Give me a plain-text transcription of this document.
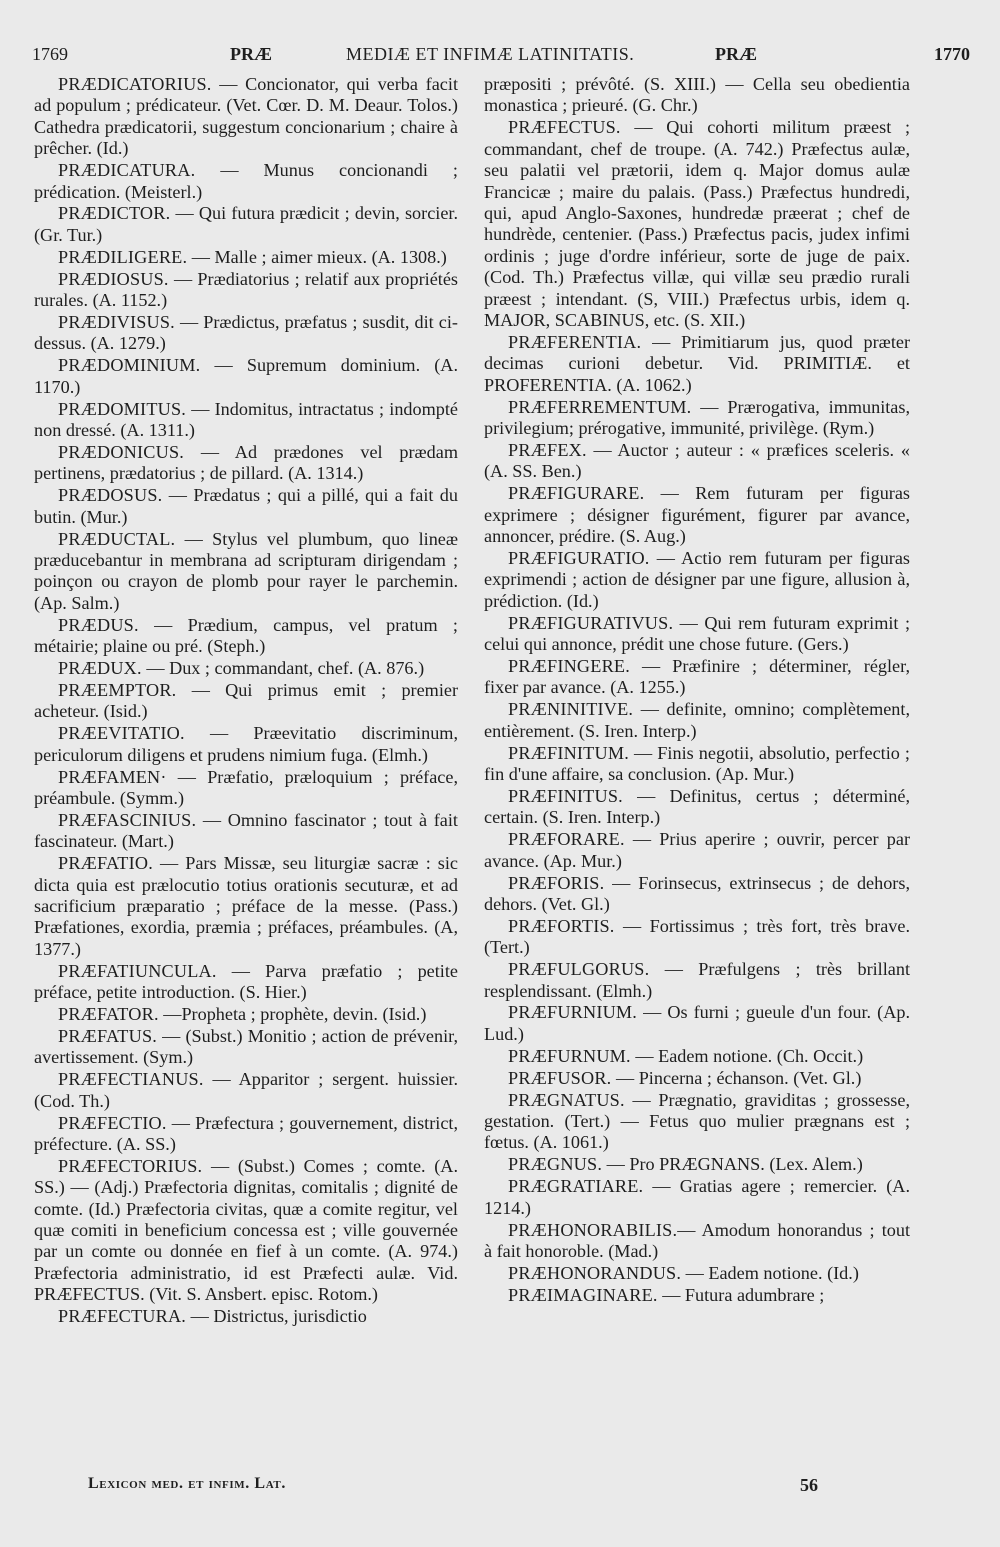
1769	PRÆ	MEDIÆ ET INFIMÆ LATINITATIS.	PRÆ	1770

PRÆDICATORIUS. — Concionator, qui verba facit ad populum ; prédicateur. (Vet. Cœr. D. M. Deaur. Tolos.) Cathedra prædicatorii, suggestum concionarium ; chaire à prêcher. (Id.)

PRÆDICATURA. — Munus concionandi ; prédication. (Meisterl.)

PRÆDICTOR. — Qui futura prædicit ; devin, sorcier. (Gr. Tur.)

PRÆDILIGERE. — Malle ; aimer mieux. (A. 1308.)

PRÆDIOSUS. — Prædiatorius ; relatif aux propriétés rurales. (A. 1152.)

PRÆDIVISUS. — Prædictus, præfatus ; susdit, dit ci-dessus. (A. 1279.)

PRÆDOMINIUM. — Supremum dominium. (A. 1170.)

PRÆDOMITUS. — Indomitus, intractatus ; indompté non dressé. (A. 1311.)

PRÆDONICUS. — Ad prædones vel prædam pertinens, prædatorius ; de pillard. (A. 1314.)

PRÆDOSUS. — Prædatus ; qui a pillé, qui a fait du butin. (Mur.)

PRÆDUCTAL. — Stylus vel plumbum, quo lineæ præducebantur in membrana ad scripturam dirigendam ; poinçon ou crayon de plomb pour rayer le parchemin. (Ap. Salm.)

PRÆDUS. — Prædium, campus, vel pratum ; métairie; plaine ou pré. (Steph.)

PRÆDUX. — Dux ; commandant, chef. (A. 876.)

PRÆEMPTOR. — Qui primus emit ; premier acheteur. (Isid.)

PRÆEVITATIO. — Præevitatio discriminum, periculorum diligens et prudens nimium fuga. (Elmh.)

PRÆFAMEN· — Præfatio, præloquium ; préface, préambule. (Symm.)

PRÆFASCINIUS. — Omnino fascinator ; tout à fait fascinateur. (Mart.)

PRÆFATIO. — Pars Missæ, seu liturgiæ sacræ : sic dicta quia est prælocutio totius orationis secuturæ, et ad sacrificium præparatio ; préface de la messe. (Pass.) Præfationes, exordia, præmia ; préfaces, préambules. (A, 1377.)

PRÆFATIUNCULA. — Parva præfatio ; petite préface, petite introduction. (S. Hier.)

PRÆFATOR. —Propheta ; prophète, devin. (Isid.)

PRÆFATUS. — (Subst.) Monitio ; action de prévenir, avertissement. (Sym.)

PRÆFECTIANUS. — Apparitor ; sergent. huissier. (Cod. Th.)

PRÆFECTIO. — Præfectura ; gouvernement, district, préfecture. (A. SS.)

PRÆFECTORIUS. — (Subst.) Comes ; comte. (A. SS.) — (Adj.) Præfectoria dignitas, comitalis ; dignité de comte. (Id.) Præfectoria civitas, quæ a comite regitur, vel quæ comiti in beneficium concessa est ; ville gouvernée par un comte ou donnée en fief à un comte. (A. 974.) Præfectoria administratio, id est Præfecti aulæ. Vid. PRÆFECTUS. (Vit. S. Ansbert. episc. Rotom.)

PRÆFECTURA. — Districtus, jurisdictio

præpositi ; prévôté. (S. XIII.) — Cella seu obedientia monastica ; prieuré. (G. Chr.)

PRÆFECTUS. — Qui cohorti militum præest ; commandant, chef de troupe. (A. 742.) Præfectus aulæ, seu palatii vel prætorii, idem q. Major domus aulæ Franciсæ ; maire du palais. (Pass.) Præfectus hundredi, qui, apud Anglo-Saxones, hundredæ præerat ; chef de hundrède, centenier. (Pass.) Præfectus pacis, judex infimi ordinis ; juge d'ordre inférieur, sorte de juge de paix. (Cod. Th.) Præfectus villæ, qui villæ seu prædio rurali præest ; intendant. (S, VIII.) Præfectus urbis, idem q. MAJOR, SCABINUS, etc. (S. XII.)

PRÆFERENTIA. — Primitiarum jus, quod præter decimas curioni debetur. Vid. PRIMITIÆ. et PROFERENTIA. (A. 1062.)

PRÆFERREMENTUM. — Prærogativa, immunitas, privilegium; prérogative, immunité, privilège. (Rym.)

PRÆFEX. — Auctor ; auteur : « præfices sceleris. « (A. SS. Ben.)

PRÆFIGURARE. — Rem futuram per figuras exprimere ; désigner figurément, figurer par avance, annoncer, prédire. (S. Aug.)

PRÆFIGURATIO. — Actio rem futuram per figuras exprimendi ; action de désigner par une figure, allusion à, prédiction. (Id.)

PRÆFIGURATIVUS. — Qui rem futuram exprimit ; celui qui annonce, prédit une chose future. (Gers.)

PRÆFINGERE. — Præfinire ; déterminer, régler, fixer par avance. (A. 1255.)

PRÆNINITIVE. — definite, omnino; complètement, entièrement. (S. Iren. Interp.)

PRÆFINITUM. — Finis negotii, absolutio, perfectio ; fin d'une affaire, sa conclusion. (Ap. Mur.)

PRÆFINITUS. — Definitus, certus ; déterminé, certain. (S. Iren. Interp.)

PRÆFORARE. — Prius aperire ; ouvrir, percer par avance. (Ap. Mur.)

PRÆFORIS. — Forinsecus, extrinsecus ; de dehors, dehors. (Vet. Gl.)

PRÆFORTIS. — Fortissimus ; très fort, très brave. (Tert.)

PRÆFULGORUS. — Præfulgens ; très brillant resplendissant. (Elmh.)

PRÆFURNIUM. — Os furni ; gueule d'un four. (Ap. Lud.)

PRÆFURNUM. — Eadem notione. (Ch. Occit.)

PRÆFUSOR. — Pincerna ; échanson. (Vet. Gl.)

PRÆGNATUS. — Prægnatio, graviditas ; grossesse, gestation. (Tert.) — Fetus quo mulier prægnans est ; fœtus. (A. 1061.)

PRÆGNUS. — Pro PRÆGNANS. (Lex. Alem.)

PRÆGRATIARE. — Gratias agere ; remercier. (A. 1214.)

PRÆHONORABILIS.— Amodum honorandus ; tout à fait honoroble. (Mad.)

PRÆHONORANDUS. — Eadem notione. (Id.)

PRÆIMAGINARE. — Futura adumbrare ;

Lexicon med. et infim. Lat.	56
